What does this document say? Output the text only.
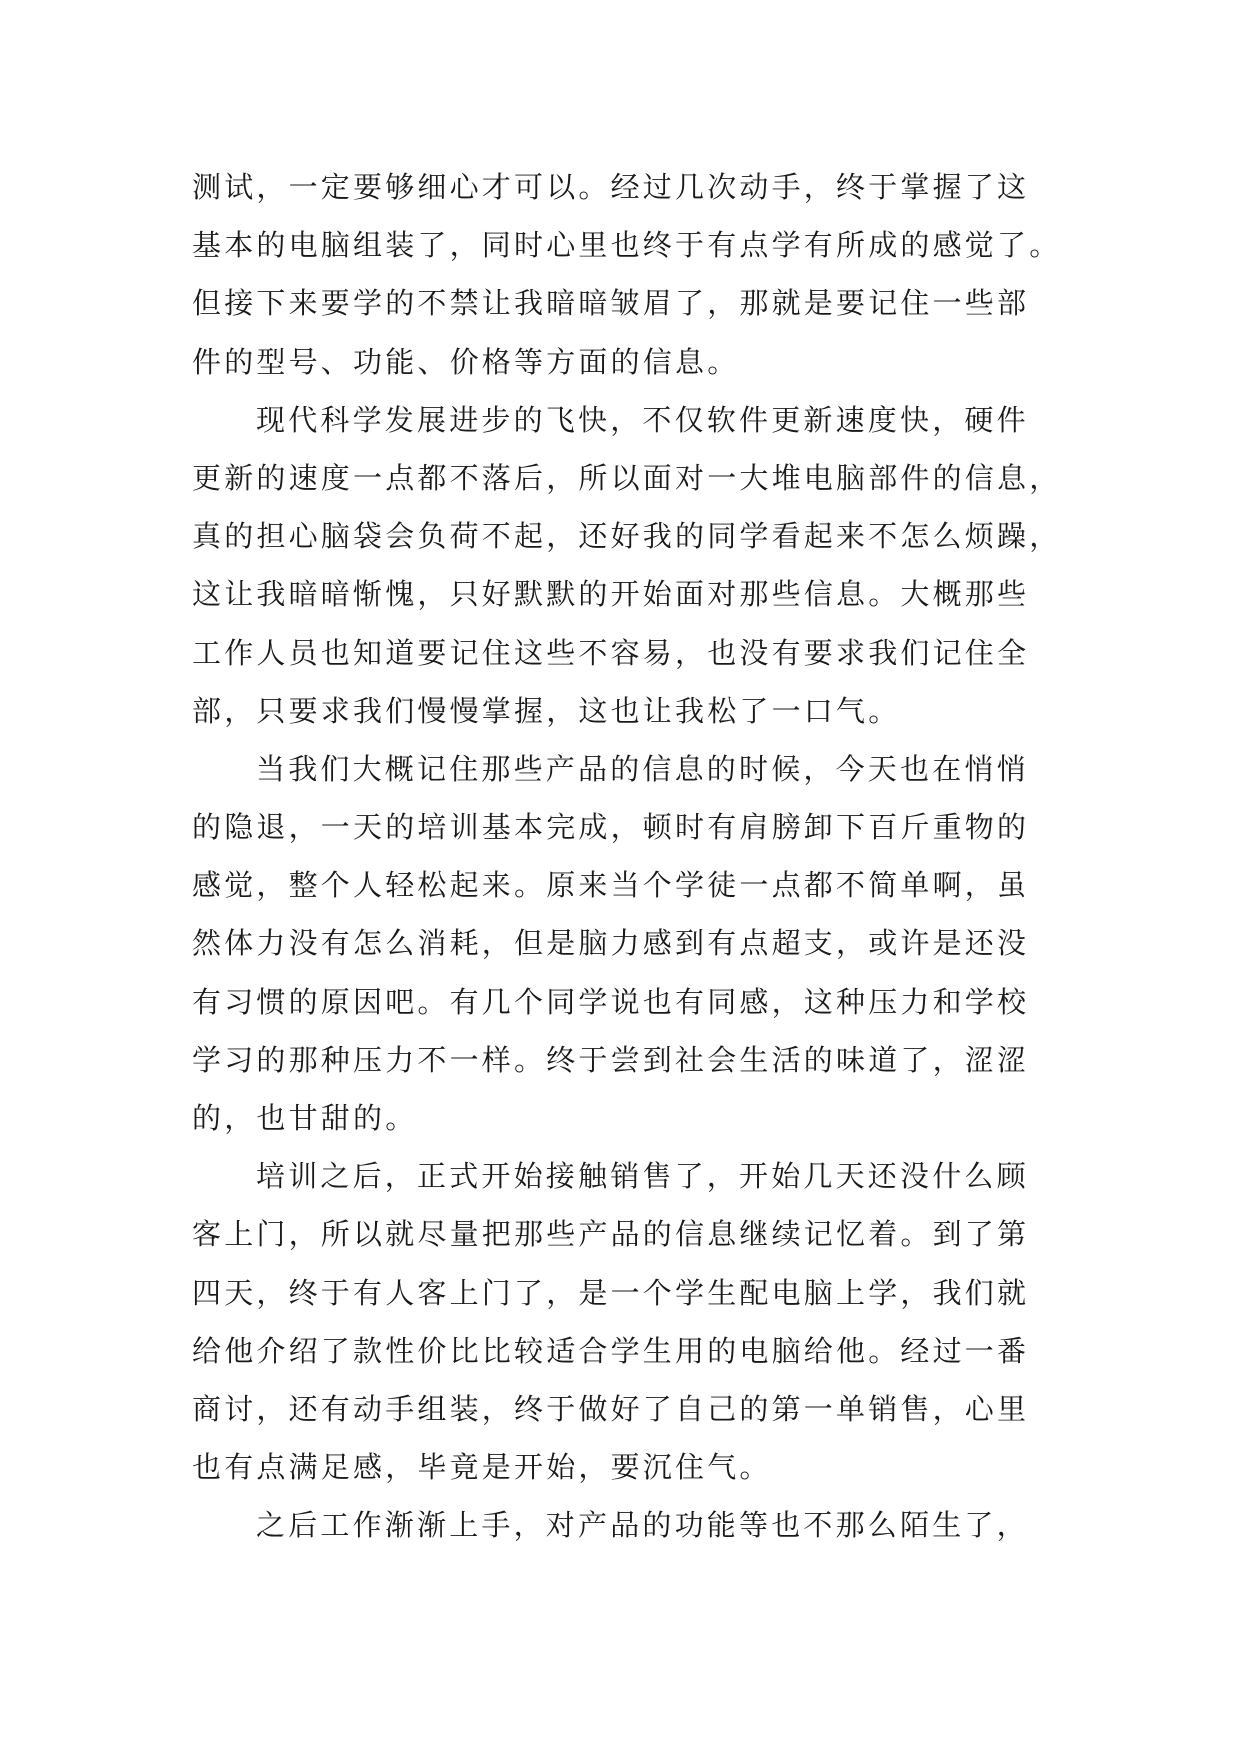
测试，一定要够细心才可以。经过几次动手，终于掌握了这
基本的电脑组装了，同时心里也终于有点学有所成的感觉了。
但接下来要学的不禁让我暗暗皱眉了，那就是要记住一些部
件的型号、功能、价格等方面的信息。
现代科学发展进步的飞快，不仅软件更新速度快，硬件
更新的速度一点都不落后，所以面对一大堆电脑部件的信息，
真的担心脑袋会负荷不起，还好我的同学看起来不怎么烦躁，
这让我暗暗惭愧，只好默默的开始面对那些信息。大概那些
工作人员也知道要记住这些不容易，也没有要求我们记住全
部，只要求我们慢慢掌握，这也让我松了一口气。
当我们大概记住那些产品的信息的时候，今天也在悄悄
的隐退，一天的培训基本完成，顿时有肩膀卸下百斤重物的
感觉，整个人轻松起来。原来当个学徒一点都不简单啊，虽
然体力没有怎么消耗，但是脑力感到有点超支，或许是还没
有习惯的原因吧。有几个同学说也有同感，这种压力和学校
学习的那种压力不一样。终于尝到社会生活的味道了，涩涩
的，也甘甜的。
培训之后，正式开始接触销售了，开始几天还没什么顾
客上门，所以就尽量把那些产品的信息继续记忆着。到了第
四天，终于有人客上门了，是一个学生配电脑上学，我们就
给他介绍了款性价比比较适合学生用的电脑给他。经过一番
商讨，还有动手组装，终于做好了自己的第一单销售，心里
也有点满足感，毕竟是开始，要沉住气。
之后工作渐渐上手，对产品的功能等也不那么陌生了，
